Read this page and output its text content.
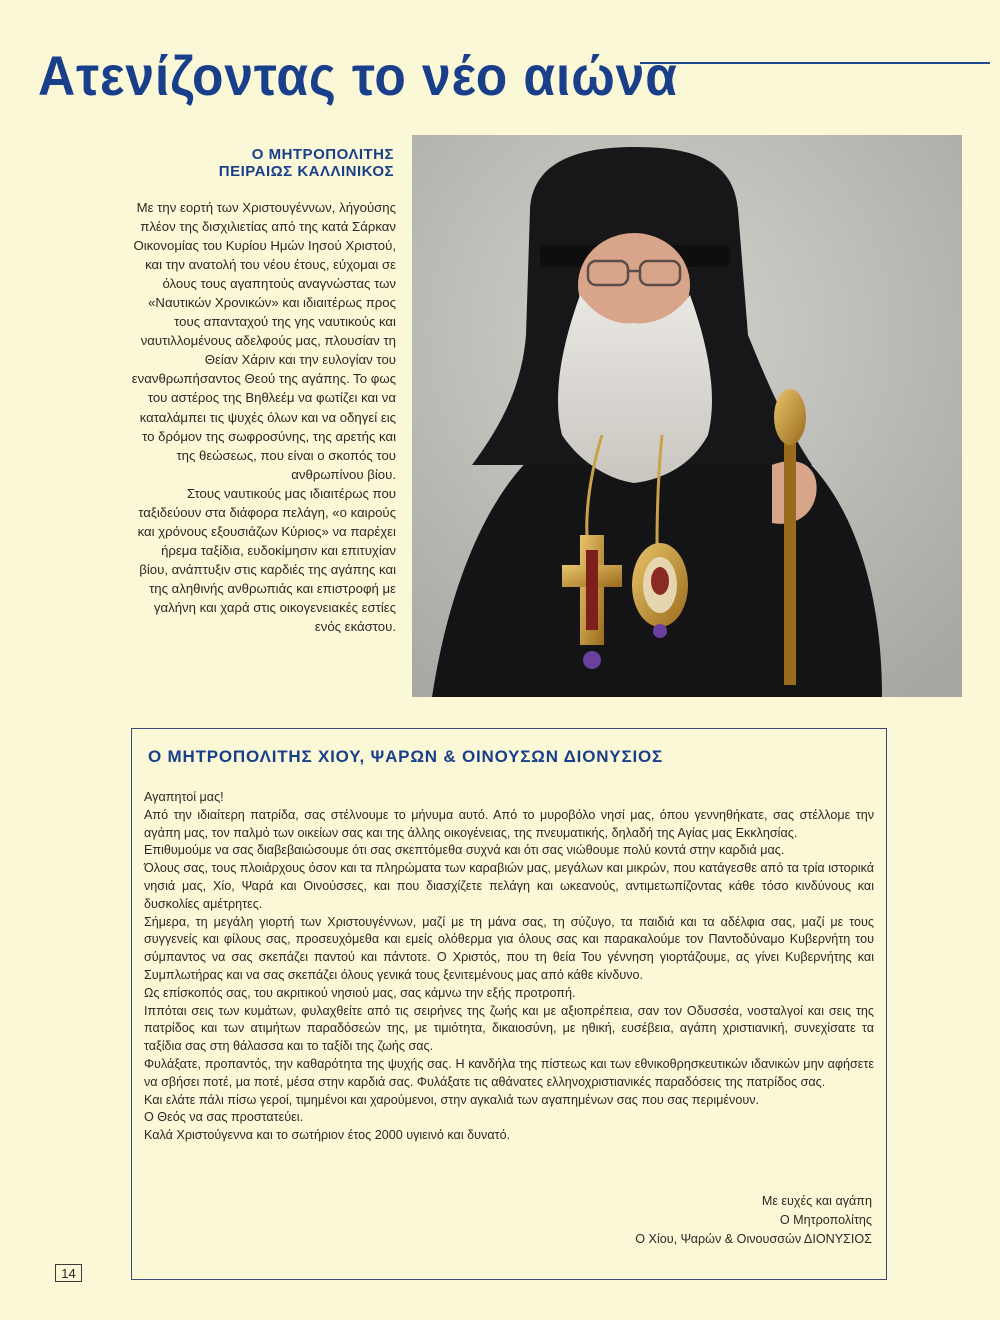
Ατενίζοντας το νέο αιώνα
Ο ΜΗΤΡΟΠΟΛΙΤΗΣ
ΠΕΙΡΑΙΩΣ ΚΑΛΛΙΝΙΚΟΣ

Με την εορτή των Χριστουγέννων, λήγούσης πλέον της δισχιλιετίας από της κατά Σάρκαν Οικονομίας του Κυρίου Ημών Ιησού Χριστού, και την ανατολή του νέου έτους, εύχομαι σε όλους τους αγαπητούς αναγνώστας των «Ναυτικών Χρονικών» και ιδιαιτέρως προς τους απανταχού της γης ναυτικούς και ναυτιλλομένους αδελφούς μας, πλουσίαν τη Θείαν Χάριν και την ευλογίαν του ενανθρωπήσαντος Θεού της αγάπης. Το φως του αστέρος της Βηθλεέμ να φωτίζει και να καταλάμπει τις ψυχές όλων και να οδηγεί εις το δρόμον της σωφροσύνης, της αρετής και της θεώσεως, που είναι ο σκοπός του ανθρωπίνου βίου.

Στους ναυτικούς μας ιδιαιτέρως που ταξιδεύουν στα διάφορα πελάγη, «ο καιρούς και χρόνους εξουσιάζων Κύριος» να παρέχει ήρεμα ταξίδια, ευδοκίμησιν και επιτυχίαν βίου, ανάπτυξιν στις καρδιές της αγάπης και της αληθινής ανθρωπιάς και επιστροφή με γαλήνη και χαρά στις οικογενειακές εστίες ενός εκάστου.

Ο ΜΗΤΡΟΠΟΛΙΤΗΣ ΧΙΟΥ, ΨΑΡΩΝ & ΟΙΝΟΥΣΩΝ ΔΙΟΝΥΣΙΟΣ

Αγαπητοί μας!

Από την ιδιαίτερη πατρίδα, σας στέλνουμε το μήνυμα αυτό. Από το μυροβόλο νησί μας, όπου γεννηθήκατε, σας στέλλομε την αγάπη μας, τον παλμό των οικείων σας και της άλλης οικογένειας, της πνευματικής, δηλαδή της Αγίας μας Εκκλησίας.

Επιθυμούμε να σας διαβεβαιώσουμε ότι σας σκεπτόμεθα συχνά και ότι σας νιώθουμε πολύ κοντά στην καρδιά μας.

Όλους σας, τους πλοιάρχους όσον και τα πληρώματα των καραβιών μας, μεγάλων και μικρών, που κατάγεσθε από τα τρία ιστορικά νησιά μας, Χίο, Ψαρά και Οινούσσες, και που διασχίζετε πελάγη και ωκεανούς, αντιμετωπίζοντας κάθε τόσο κινδύνους και δυσκολίες αμέτρητες.

Σήμερα, τη μεγάλη γιορτή των Χριστουγέννων, μαζί με τη μάνα σας, τη σύζυγο, τα παιδιά και τα αδέλφια σας, μαζί με τους συγγενείς και φίλους σας, προσευχόμεθα και εμείς ολόθερμα για όλους σας και παρακαλούμε τον Παντοδύναμο Κυβερνήτη του σύμπαντος να σας σκεπάζει παντού και πάντοτε. Ο Χριστός, που τη θεία Του γέννηση γιορτάζουμε, ας γίνει Κυβερνήτης και Συμπλωτήρας και να σας σκεπάζει όλους γενικά τους ξενιτεμένους μας από κάθε κίνδυνο.

Ως επίσκοπός σας, του ακριτικού νησιού μας, σας κάμνω την εξής προτροπή.

Ιππόται σεις των κυμάτων, φυλαχθείτε από τις σειρήνες της ζωής και με αξιοπρέπεια, σαν τον Οδυσσέα, νοσταλγοί και σεις της πατρίδος και των ατιμήτων παραδόσεών της, με τιμιότητα, δικαιοσύνη, με ηθική, ευσέβεια, αγάπη χριστιανική, συνεχίσατε τα ταξίδια σας στη θάλασσα και το ταξίδι της ζωής σας.

Φυλάξατε, προπαντός, την καθαρότητα της ψυχής σας. Η κανδήλα της πίστεως και των εθνικοθρησκευτικών ιδανικών μην αφήσετε να σβήσει ποτέ, μα ποτέ, μέσα στην καρδιά σας. Φυλάξατε τις αθάνατες ελληνοχριστιανικές παραδόσεις της πατρίδος σας.

Και ελάτε πάλι πίσω γεροί, τιμημένοι και χαρούμενοι, στην αγκαλιά των αγαπημένων σας που σας περιμένουν.

Ο Θεός να σας προστατεύει.

Καλά Χριστούγεννα και το σωτήριον έτος 2000 υγιεινό και δυνατό.

Με ευχές και αγάπη

Ο Μητροπολίτης

Ο Χίου, Ψαρών & Οινουσσών ΔΙΟΝΥΣΙΟΣ

14
